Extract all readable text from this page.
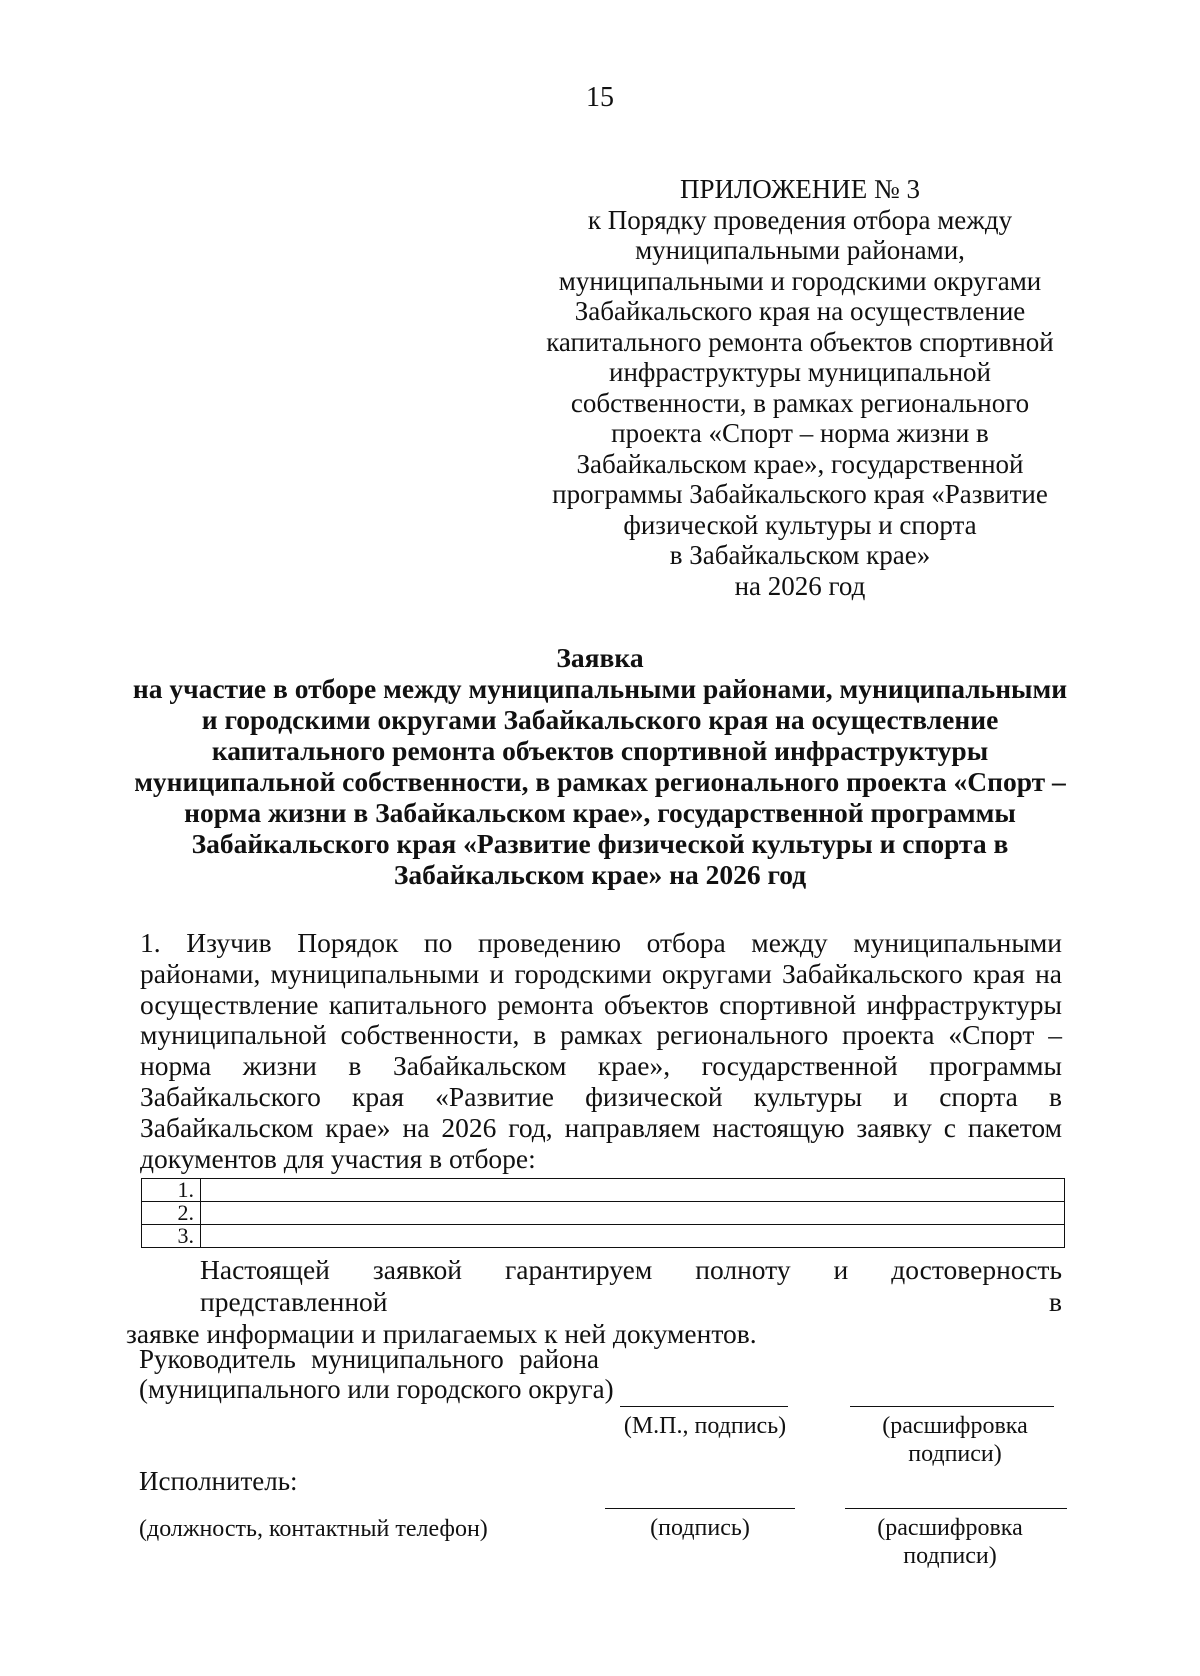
15
ПРИЛОЖЕНИЕ № 3
к Порядку проведения отбора между
муниципальными районами,
муниципальными и городскими округами
Забайкальского края на осуществление
капитального ремонта объектов спортивной
инфраструктуры муниципальной
собственности, в рамках регионального
проекта «Спорт – норма жизни в
Забайкальском крае», государственной
программы Забайкальского края «Развитие
физической культуры и спорта
в Забайкальском крае»
на 2026 год
Заявка
на участие в отборе между муниципальными районами, муниципальными
и городскими округами Забайкальского края на осуществление
капитального ремонта объектов спортивной инфраструктуры
муниципальной собственности, в рамках регионального проекта «Спорт –
нормa жизни в Забайкальском крае», государственной программы
Забайкальского края «Развитие физической культуры и спорта в
Забайкальском крае» на 2026 год
1. Изучив Порядок по проведению отбора между муниципальными
районами, муниципальными и городскими округами Забайкальского края на
осуществление капитального ремонта объектов спортивной инфраструктуры
муниципальной собственности, в рамках регионального проекта «Спорт –
норма жизни в Забайкальском крае», государственной программы
Забайкальского края «Развитие физической культуры и спорта в
Забайкальском крае» на 2026 год, направляем настоящую заявку с пакетом
документов для участия в отборе:
1.	
2.	
3.	
Настоящей заявкой гарантируем полноту и достоверность представленной в
заявке информации и прилагаемых к ней документов.
Руководитель муниципального района
(муниципального или городского округа)
(М.П., подпись)	(расшифровка
подписи)
Исполнитель:
(должность, контактный телефон)	(подпись)	(расшифровка
подписи)
